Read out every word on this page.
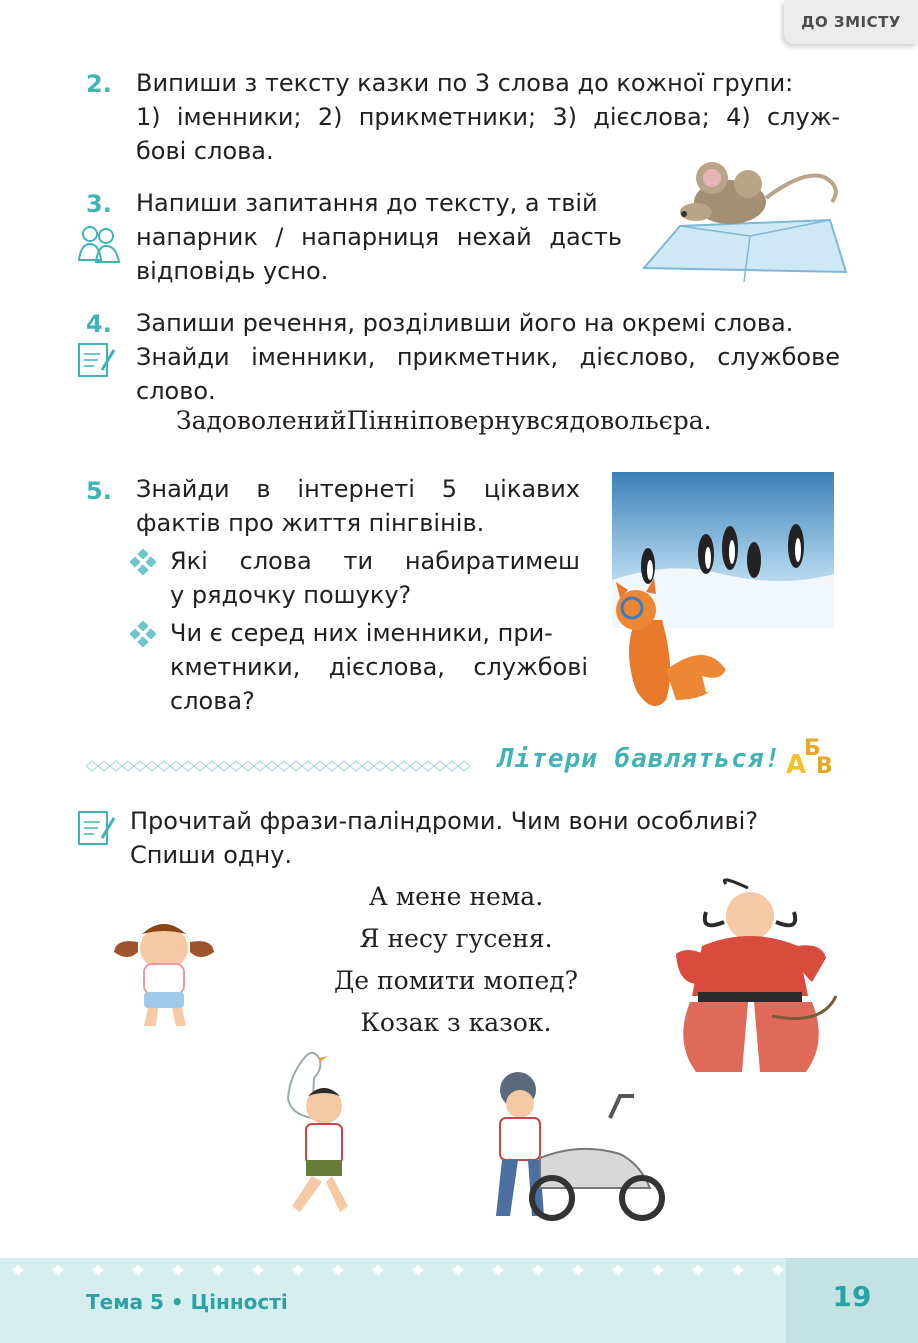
ДО ЗМІСТУ
2. Випиши з тексту казки по 3 слова до кожної групи:
1) іменники; 2) прикметники; 3) дієслова; 4) служ-
бові слова.
3. Напиши запитання до тексту, а твій
напарник / напарниця нехай дасть
відповідь усно.
4. Запиши речення, розділивши його на окремі слова.
Знайди іменники, прикметник, дієслово, службове
слово.
ЗадоволенийПінніповернувсядовольєра.
5. Знайди в інтернеті 5 цікавих
фактів про життя пінгвінів.
Які слова ти набиратимеш
у рядочку пошуку?
Чи є серед них іменники, при-
кметники, дієслова, службові
слова?
Літери бавляться! Б
А В
Прочитай фрази-паліндроми. Чим вони особливі?
Спиши одну.
А мене нема.
Я несу гусеня.
Де помити мопед?
Козак з казок.
Тема 5 • Цінності	19
